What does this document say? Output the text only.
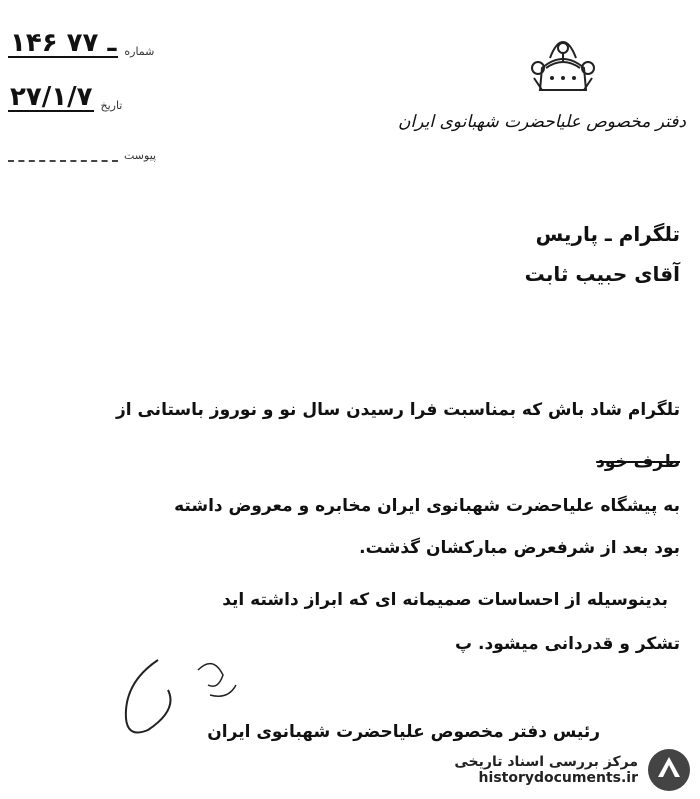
۱۴۶ ـ ۷۷ شماره
۲۷/۱/۷ تاریخ
پیوست
دفتر مخصوص علیاحضرت شهبانوی ایران
تلگرام ـ پاریس
آقای حبیب ثابت
تلگرام شاد باش که بمناسبت فرا رسیدن سال نو و نوروز باستانی از
طرف خود
به پیشگاه علیاحضرت شهبانوی ایران مخابره و معروض داشته
بود بعد از شرفعرض مبارکشان گذشت.
بدینوسیله از احساسات صمیمانه ای که ابراز داشته اید
تشکر و قدردانی میشود. پ
رئیس دفتر مخصوص علیاحضرت شهبانوی ایران
مرکز بررسی اسناد تاریخی
historydocuments.ir
